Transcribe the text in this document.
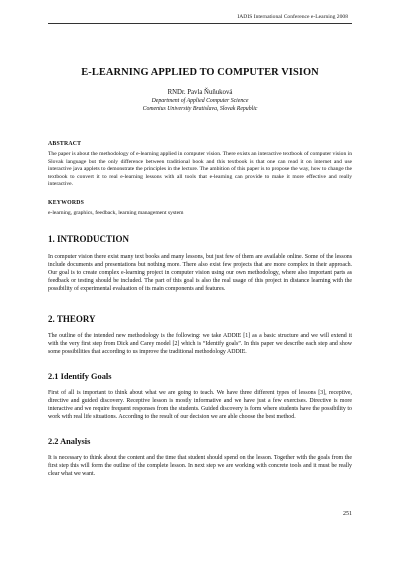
IADIS International Conference e-Learning 2008
E-LEARNING APPLIED TO COMPUTER VISION
RNDr. Pavla Ňuňuková
Department of Applied Computer Science
Comenius University Bratislava, Slovak Republic
ABSTRACT
The paper is about the methodology of e-learning applied in computer vision. There exists an interactive textbook of computer vision in Slovak language but the only difference between traditional book and this textbook is that one can read it on internet and use interactive java applets to demonstrate the principles in the lecture. The ambition of this paper is to propose the way, how to change the textbook to convert it to real e-learning lessons with all tools that e-learning can provide to make it more effective and really interactive.
KEYWORDS
e-learning, graphics, feedback, learning management system
1. INTRODUCTION
In computer vision there exist many text books and many lessons, but just few of them are available online. Some of the lessons include documents and presentations but nothing more. There also exist few projects that are more complex in their approach. Our goal is to create complex e-learning project in computer vision using our own methodology, where also important parts as feedback or testing should be included. The part of this goal is also the real usage of this project in distance learning with the possibility of experimental evaluation of its main components and features.
2. THEORY
The outline of the intended new methodology is the following: we take ADDIE [1] as a basic structure and we will extend it with the very first step from Dick and Carey model [2] which is “Identify goals”. In this paper we describe each step and show some possibilities that according to us improve the traditional methodology ADDIE.
2.1 Identify Goals
First of all is important to think about what we are going to teach. We have three different types of lessons [3], receptive, directive and guided discovery. Receptive lesson is mostly informative and we have just a few exercises. Directive is more interactive and we require frequent responses from the students. Guided discovery is form where students have the possibility to work with real life situations. According to the result of our decision we are able choose the best method.
2.2 Analysis
It is necessary to think about the content and the time that student should spend on the lesson. Together with the goals from the first step this will form the outline of the complete lesson. In next step we are working with concrete tools and it must be really clear what we want.
251
